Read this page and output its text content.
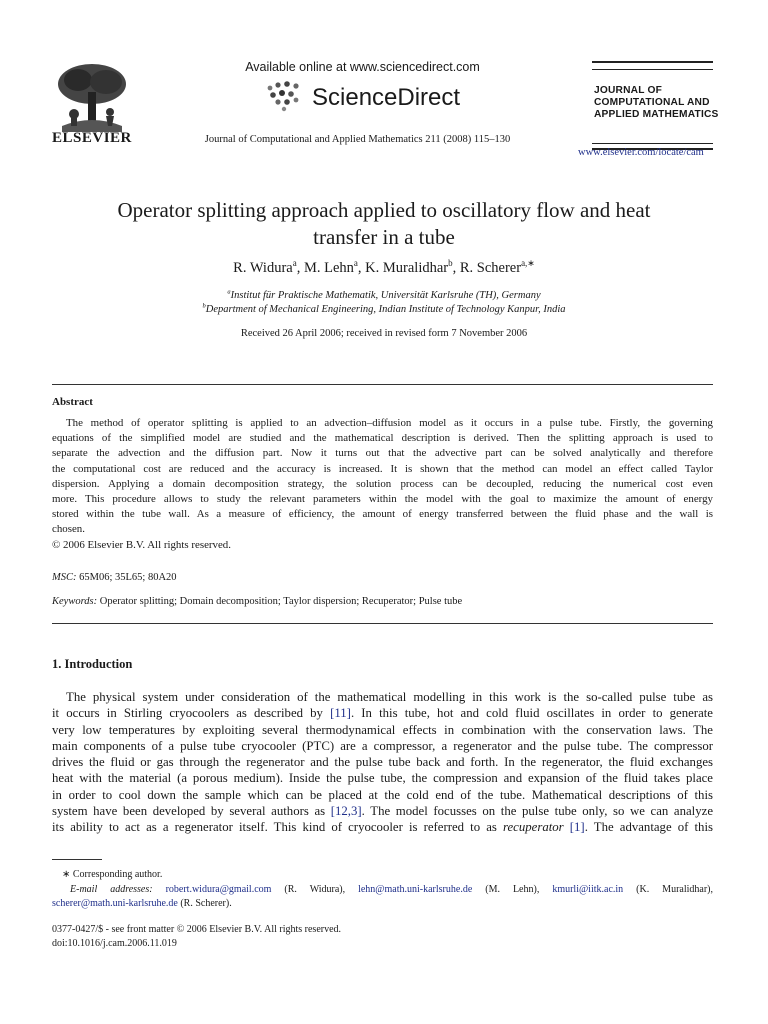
ELSEVIER
Available online at www.sciencedirect.com
ScienceDirect
Journal of Computational and Applied Mathematics 211 (2008) 115–130
JOURNAL OF
COMPUTATIONAL AND
APPLIED MATHEMATICS
www.elsevier.com/locate/cam
Operator splitting approach applied to oscillatory flow and heat
transfer in a tube
R. Widura$^a$, M. Lehn$^a$, K. Muralidhar$^b$, R. Scherer$^{a,∗}$
$^a$Institut für Praktische Mathematik, Universität Karlsruhe (TH), Germany
$^b$Department of Mechanical Engineering, Indian Institute of Technology Kanpur, India
Received 26 April 2006; received in revised form 7 November 2006
Abstract
The method of operator splitting is applied to an advection–diffusion model as it occurs in a pulse tube. Firstly, the governing
equations of the simplified model are studied and the mathematical description is derived. Then the splitting approach is used to
separate the advection and the diffusion part. Now it turns out that the advective part can be solved analytically and therefore
the computational cost are reduced and the accuracy is increased. It is shown that the method can model an effect called Taylor
dispersion. Applying a domain decomposition strategy, the solution process can be decoupled, reducing the numerical cost even
more. This procedure allows to study the relevant parameters within the model with the goal to maximize the amount of energy
stored within the tube wall. As a measure of efficiency, the amount of energy transferred between the fluid phase and the wall is
chosen.
© 2006 Elsevier B.V. All rights reserved.
MSC: 65M06; 35L65; 80A20
Keywords: Operator splitting; Domain decomposition; Taylor dispersion; Recuperator; Pulse tube
1. Introduction
The physical system under consideration of the mathematical modelling in this work is the so-called pulse tube as
it occurs in Stirling cryocoolers as described by [11]. In this tube, hot and cold fluid oscillates in order to generate
very low temperatures by exploiting several thermodynamical effects in combination with the conservation laws. The
main components of a pulse tube cryocooler (PTC) are a compressor, a regenerator and the pulse tube. The compressor
drives the fluid or gas through the regenerator and the pulse tube back and forth. In the regenerator, the fluid exchanges
heat with the material (a porous medium). Inside the pulse tube, the compression and expansion of the fluid takes place
in order to cool down the sample which can be placed at the cold end of the tube. Mathematical descriptions of this
system have been developed by several authors as [12,3]. The model focusses on the pulse tube only, so we can analyze
its ability to act as a regenerator itself. This kind of cryocooler is referred to as recuperator [1]. The advantage of this
∗ Corresponding author.
E-mail addresses: robert.widura@gmail.com (R. Widura), lehn@math.uni-karlsruhe.de (M. Lehn), kmurli@iitk.ac.in (K. Muralidhar),
scherer@math.uni-karlsruhe.de (R. Scherer).
0377-0427/$ - see front matter © 2006 Elsevier B.V. All rights reserved.
doi:10.1016/j.cam.2006.11.019
